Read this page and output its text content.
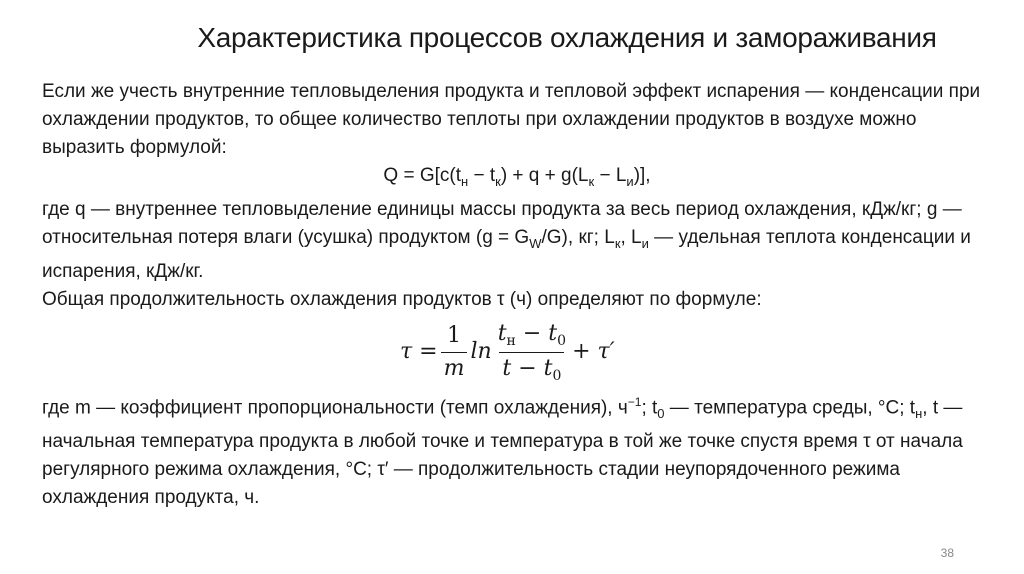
Характеристика процессов охлаждения и замораживания

Если же учесть внутренние тепловыделения продукта и тепловой эффект испарения — конденсации при охлаждении продуктов, то общее количество теплоты при охлаждении продуктов в воздухе можно выразить формулой:

$Q = G[c(t_н - t_к) + q + g(L_к - L_и)]$,

где q — внутреннее тепловыделение единицы массы продукта за весь период охлаждения, кДж/кг; g — относительная потеря влаги (усушка) продуктом $(g = G_W/G)$, кг; $L_к$, $L_и$ — удельная теплота конденсации и испарения, кДж/кг.

Общая продолжительность охлаждения продуктов τ (ч) определяют по формуле:

$\tau = \frac{1}{m}$ $\ln \frac{t_н - t_0}{t - t_0} + \tau'$

где m — коэффициент пропорциональности (темп охлаждения), $ч^{-1}$; $t_0$ — температура среды, °С; $t_н$, t — начальная температура продукта в любой точке и температура в той же точке спустя время τ от начала регулярного режима охлаждения, °С; τ′ — продолжительность стадии неупорядоченного режима охлаждения продукта, ч.

38
